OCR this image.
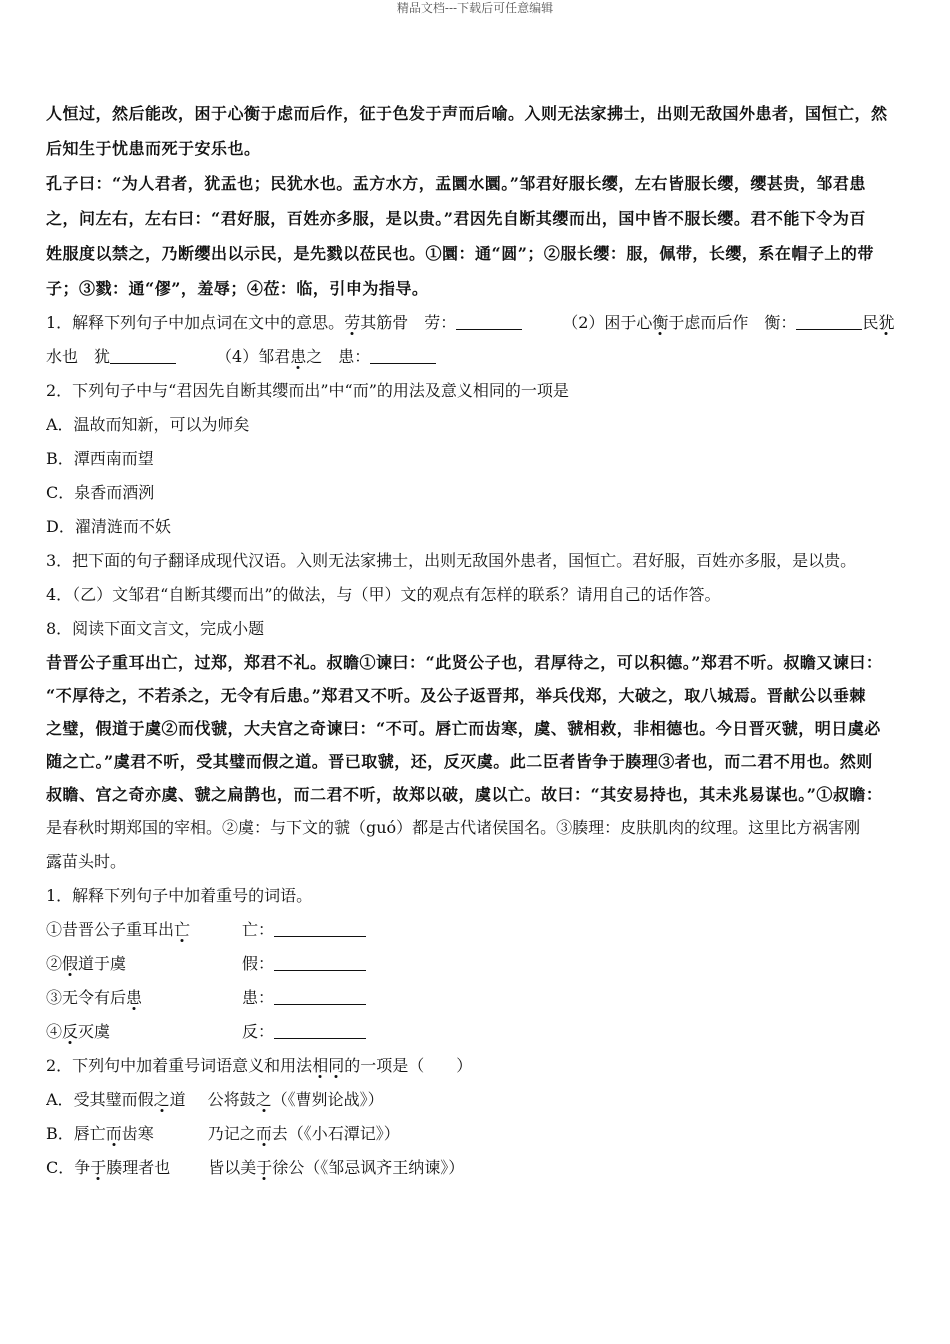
精品文档---下载后可任意编辑
人恒过，然后能改，困于心衡于虑而后作，征于色发于声而后喻。入则无法家拂士，出则无敌国外患者，国恒亡，然
后知生于忧患而死于安乐也。
孔子曰：“为人君者，犹盂也；民犹水也。盂方水方，盂圜水圜。”邹君好服长缨，左右皆服长缨，缨甚贵，邹君患
之，问左右，左右曰：“君好服，百姓亦多服，是以贵。”君因先自断其缨而出，国中皆不服长缨。君不能下令为百
姓服度以禁之，乃断缨出以示民，是先戮以莅民也。①圜：通“圆”；②服长缨：服，佩带，长缨，系在帽子上的带
子；③戮：通“僇”，羞辱；④莅：临，引申为指导。
1．解释下列句子中加点词在文中的意思。劳其筋骨　劳：	（2）困于心衡于虑而后作　衡：	民犹
水也　犹	（4）邹君患之　患：
2．下列句子中与“君因先自断其缨而出”中“而”的用法及意义相同的一项是
A．温故而知新，可以为师矣
B．潭西南而望
C．泉香而酒洌
D．濯清涟而不妖
3．把下面的句子翻译成现代汉语。入则无法家拂士，出则无敌国外患者，国恒亡。君好服，百姓亦多服，是以贵。
4．（乙）文邹君“自断其缨而出”的做法，与（甲）文的观点有怎样的联系？请用自己的话作答。
8．阅读下面文言文，完成小题
昔晋公子重耳出亡，过郑，郑君不礼。叔瞻①谏曰：“此贤公子也，君厚待之，可以积德。”郑君不听。叔瞻又谏曰：
“不厚待之，不若杀之，无令有后患。”郑君又不听。及公子返晋邦，举兵伐郑，大破之，取八城焉。晋献公以垂棘
之璧，假道于虞②而伐虢，大夫宫之奇谏曰：“不可。唇亡而齿寒，虞、虢相救，非相德也。今日晋灭虢，明日虞必
随之亡。”虞君不听，受其璧而假之道。晋已取虢，还，反灭虞。此二臣者皆争于腠理③者也，而二君不用也。然则
叔瞻、宫之奇亦虞、虢之扁鹊也，而二君不听，故郑以破，虞以亡。故曰：“其安易持也，其未兆易谋也。”①叔瞻：
是春秋时期郑国的宰相。②虞：与下文的虢（guó）都是古代诸侯国名。③腠理：皮肤肌肉的纹理。这里比方祸害刚
露苗头时。
1．解释下列句子中加着重号的词语。
①昔晋公子重耳出亡	亡：
②假道于虞	假：
③无令有后患	患：
④反灭虞	反：
2．下列句中加着重号词语意义和用法相同的一项是（　　）
A．受其璧而假之道 公将鼓之（《曹刿论战》）
B．唇亡而齿寒	乃记之而去（《小石潭记》）
C．争于腠理者也 皆以美于徐公（《邹忌讽齐王纳谏》）
